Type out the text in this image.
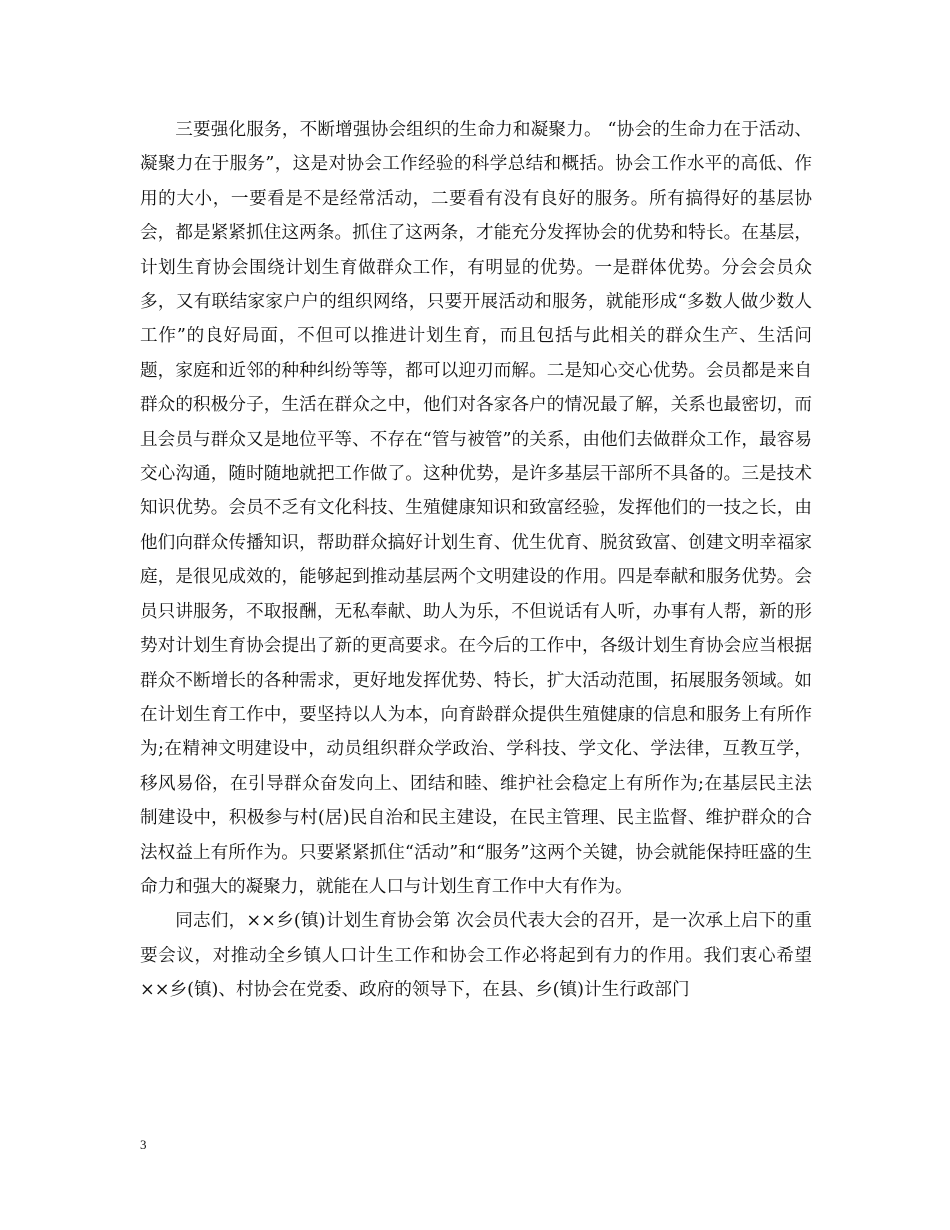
三要强化服务，不断增强协会组织的生命力和凝聚力。 “协会的生命力在于活动、凝聚力在于服务”，这是对协会工作经验的科学总结和概括。协会工作水平的高低、作用的大小，一要看是不是经常活动，二要看有没有良好的服务。所有搞得好的基层协会，都是紧紧抓住这两条。抓住了这两条，才能充分发挥协会的优势和特长。在基层，计划生育协会围绕计划生育做群众工作，有明显的优势。一是群体优势。分会会员众多，又有联结家家户户的组织网络，只要开展活动和服务，就能形成“多数人做少数人工作”的良好局面，不但可以推进计划生育，而且包括与此相关的群众生产、生活问题，家庭和近邻的种种纠纷等等，都可以迎刃而解。二是知心交心优势。会员都是来自群众的积极分子，生活在群众之中，他们对各家各户的情况最了解，关系也最密切，而且会员与群众又是地位平等、不存在“管与被管”的关系，由他们去做群众工作，最容易交心沟通，随时随地就把工作做了。这种优势，是许多基层干部所不具备的。三是技术知识优势。会员不乏有文化科技、生殖健康知识和致富经验，发挥他们的一技之长，由他们向群众传播知识，帮助群众搞好计划生育、优生优育、脱贫致富、创建文明幸福家庭，是很见成效的，能够起到推动基层两个文明建设的作用。四是奉献和服务优势。会员只讲服务，不取报酬，无私奉献、助人为乐，不但说话有人听，办事有人帮，新的形势对计划生育协会提出了新的更高要求。在今后的工作中，各级计划生育协会应当根据群众不断增长的各种需求，更好地发挥优势、特长，扩大活动范围，拓展服务领域。如在计划生育工作中，要坚持以人为本，向育龄群众提供生殖健康的信息和服务上有所作为;在精神文明建设中，动员组织群众学政治、学科技、学文化、学法律，互教互学，移风易俗，在引导群众奋发向上、团结和睦、维护社会稳定上有所作为;在基层民主法制建设中，积极参与村(居)民自治和民主建设，在民主管理、民主监督、维护群众的合法权益上有所作为。只要紧紧抓住“活动”和“服务”这两个关键，协会就能保持旺盛的生命力和强大的凝聚力，就能在人口与计划生育工作中大有作为。

同志们，××乡(镇)计划生育协会第 次会员代表大会的召开，是一次承上启下的重要会议，对推动全乡镇人口计生工作和协会工作必将起到有力的作用。我们衷心希望××乡(镇)、村协会在党委、政府的领导下，在县、乡(镇)计生行政部门

3
